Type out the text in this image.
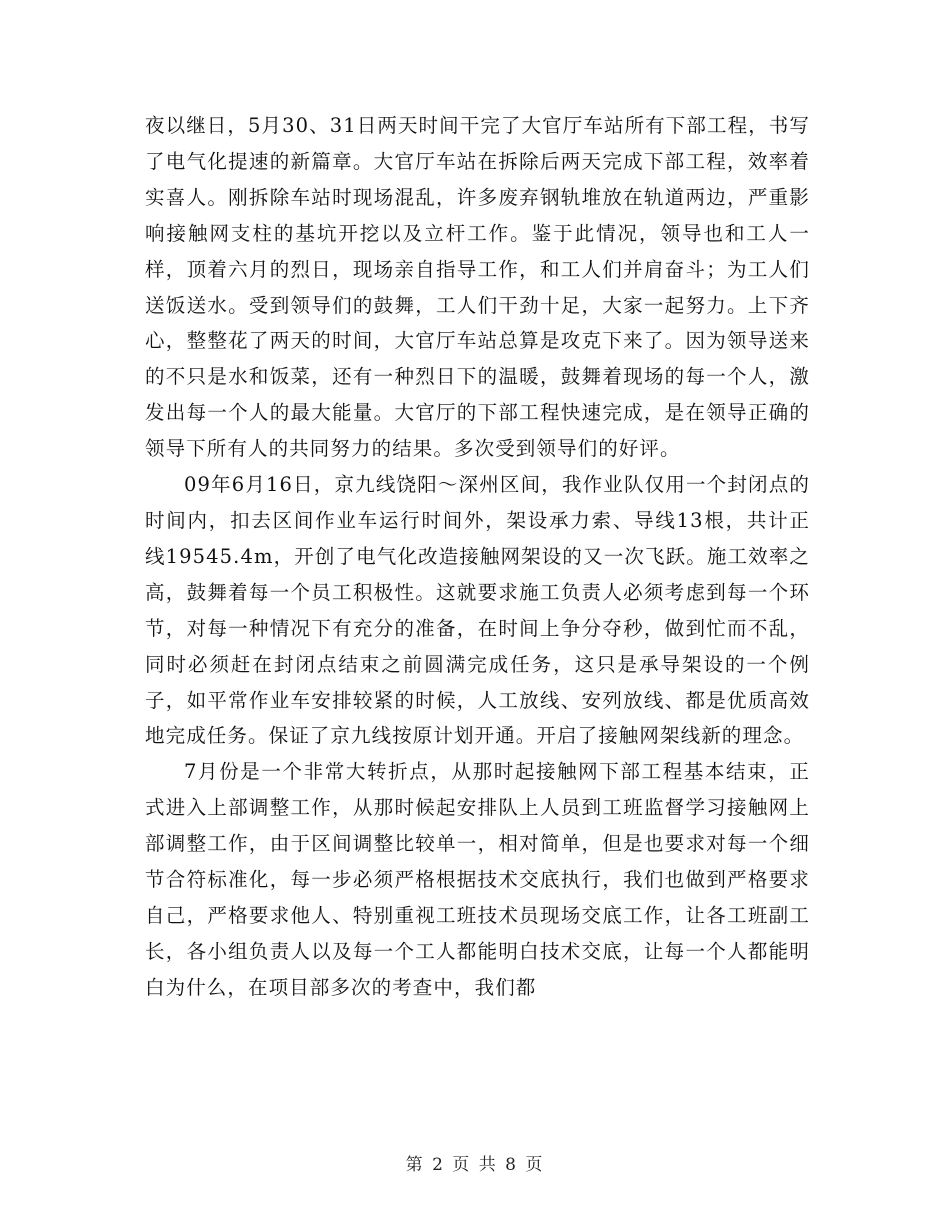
夜以继日，5月30、31日两天时间干完了大官厅车站所有下部工程，书写了电气化提速的新篇章。大官厅车站在拆除后两天完成下部工程，效率着实喜人。刚拆除车站时现场混乱，许多废弃钢轨堆放在轨道两边，严重影响接触网支柱的基坑开挖以及立杆工作。鉴于此情况，领导也和工人一样，顶着六月的烈日，现场亲自指导工作，和工人们并肩奋斗；为工人们送饭送水。受到领导们的鼓舞，工人们干劲十足，大家一起努力。上下齐心，整整花了两天的时间，大官厅车站总算是攻克下来了。因为领导送来的不只是水和饭菜，还有一种烈日下的温暖，鼓舞着现场的每一个人，激发出每一个人的最大能量。大官厅的下部工程快速完成，是在领导正确的领导下所有人的共同努力的结果。多次受到领导们的好评。

09年6月16日，京九线饶阳～深州区间，我作业队仅用一个封闭点的时间内，扣去区间作业车运行时间外，架设承力索、导线13根，共计正线19545.4m，开创了电气化改造接触网架设的又一次飞跃。施工效率之高，鼓舞着每一个员工积极性。这就要求施工负责人必须考虑到每一个环节，对每一种情况下有充分的准备，在时间上争分夺秒，做到忙而不乱，同时必须赶在封闭点结束之前圆满完成任务，这只是承导架设的一个例子，如平常作业车安排较紧的时候，人工放线、安列放线、都是优质高效地完成任务。保证了京九线按原计划开通。开启了接触网架线新的理念。

7月份是一个非常大转折点，从那时起接触网下部工程基本结束，正式进入上部调整工作，从那时候起安排队上人员到工班监督学习接触网上部调整工作，由于区间调整比较单一，相对简单，但是也要求对每一个细节合符标准化，每一步必须严格根据技术交底执行，我们也做到严格要求自己，严格要求他人、特别重视工班技术员现场交底工作，让各工班副工长，各小组负责人以及每一个工人都能明白技术交底，让每一个人都能明白为什么，在项目部多次的考查中，我们都

第 2 页 共 8 页
